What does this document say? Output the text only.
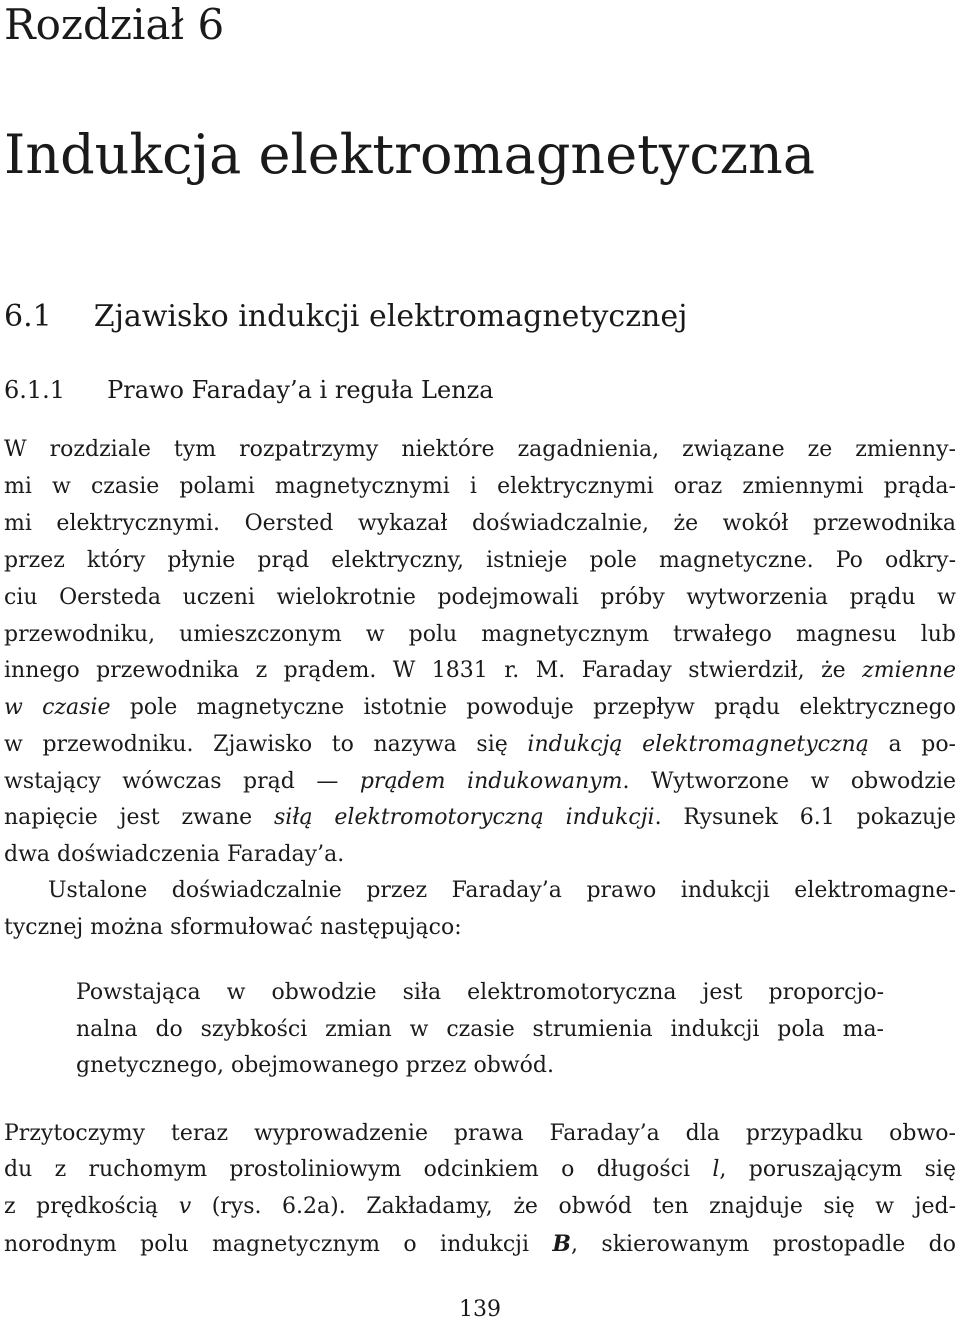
Rozdział 6
Indukcja elektromagnetyczna
6.1 Zjawisko indukcji elektromagnetycznej
6.1.1 Prawo Faraday’a i reguła Lenza

W rozdziale tym rozpatrzymy niektóre zagadnienia, związane ze zmienny-

mi w czasie polami magnetycznymi i elektrycznymi oraz zmiennymi prąda-

mi elektrycznymi. Oersted wykazał doświadczalnie, że wokół przewodnika

przez który płynie prąd elektryczny, istnieje pole magnetyczne. Po odkry-

ciu Oersteda uczeni wielokrotnie podejmowali próby wytworzenia prądu w

przewodniku, umieszczonym w polu magnetycznym trwałego magnesu lub

innego przewodnika z prądem. W 1831 r. M. Faraday stwierdził, że zmienne

w czasie pole magnetyczne istotnie powoduje przepływ prądu elektrycznego

w przewodniku. Zjawisko to nazywa się indukcją elektromagnetyczną a po-

wstający wówczas prąd — prądem indukowanym. Wytworzone w obwodzie

napięcie jest zwane siłą elektromotoryczną indukcji. Rysunek 6.1 pokazuje

dwa doświadczenia Faraday’a.

Ustalone doświadczalnie przez Faraday’a prawo indukcji elektromagne-

tycznej można sformułować następująco:

Powstająca w obwodzie siła elektromotoryczna jest proporcjo-

nalna do szybkości zmian w czasie strumienia indukcji pola ma-

gnetycznego, obejmowanego przez obwód.

Przytoczymy teraz wyprowadzenie prawa Faraday’a dla przypadku obwo-

du z ruchomym prostoliniowym odcinkiem o długości l, poruszającym się

z prędkością v (rys. 6.2a). Zakładamy, że obwód ten znajduje się w jed-

norodnym polu magnetycznym o indukcji B, skierowanym prostopadle do

139
